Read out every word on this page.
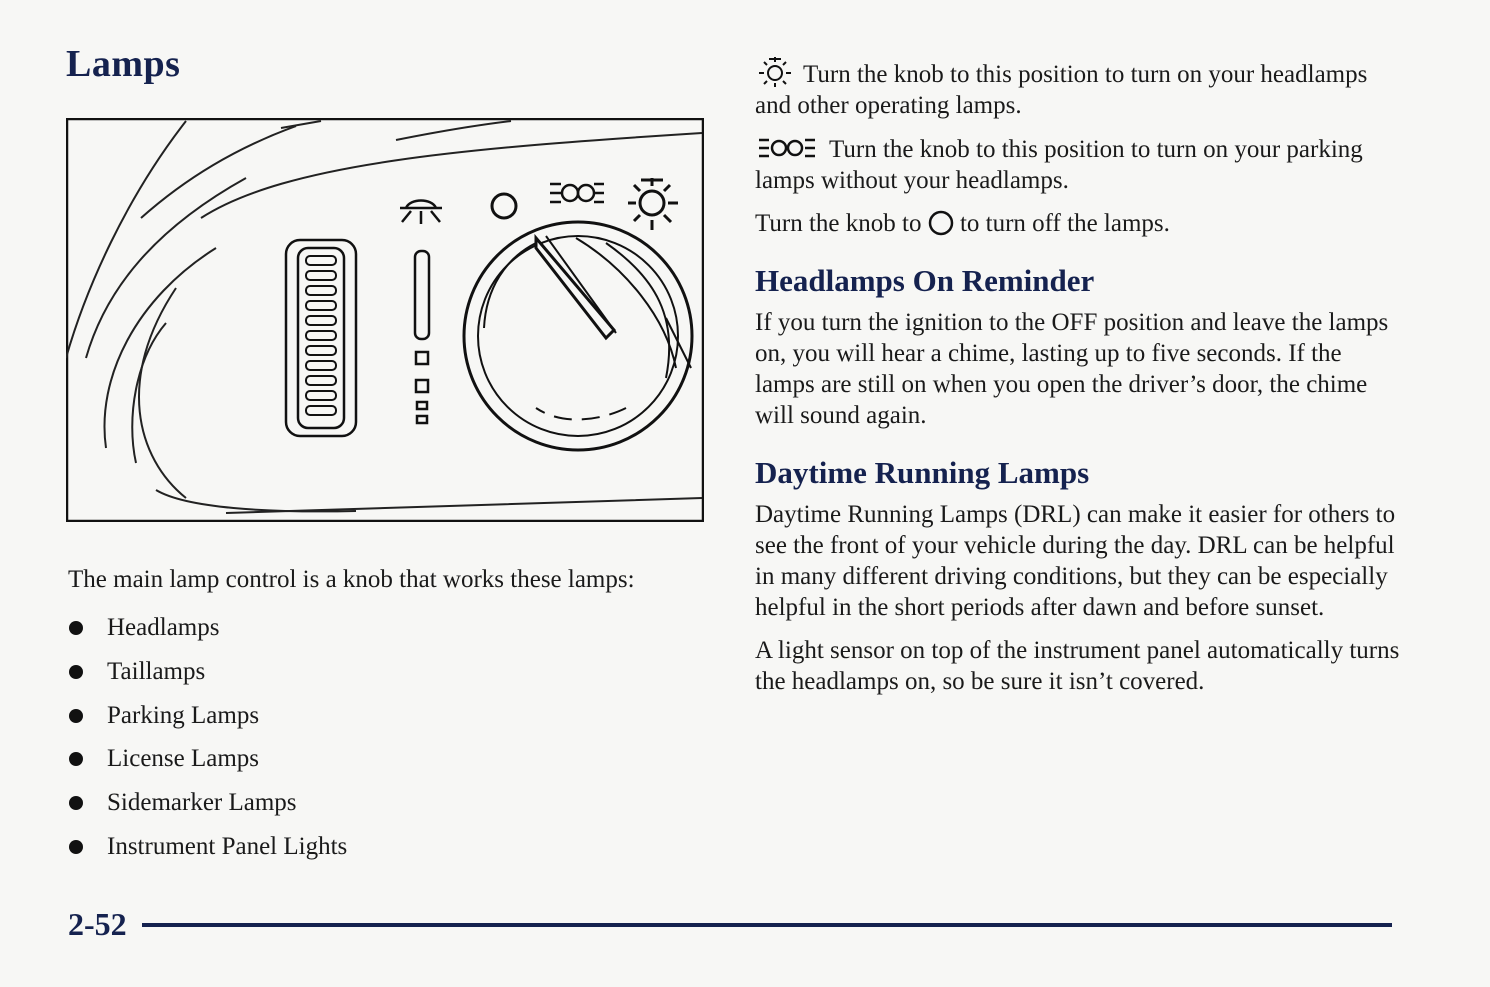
Lamps

The main lamp control is a knob that works these lamps:

Headlamps
Taillamps
Parking Lamps
License Lamps
Sidemarker Lamps
Instrument Panel Lights

Turn the knob to this position to turn on your headlamps and other operating lamps.

Turn the knob to this position to turn on your parking lamps without your headlamps.

Turn the knob to to turn off the lamps.

Headlamps On Reminder

If you turn the ignition to the OFF position and leave the lamps on, you will hear a chime, lasting up to five seconds. If the lamps are still on when you open the driver’s door, the chime will sound again.

Daytime Running Lamps

Daytime Running Lamps (DRL) can make it easier for others to see the front of your vehicle during the day. DRL can be helpful in many different driving conditions, but they can be especially helpful in the short periods after dawn and before sunset.

A light sensor on top of the instrument panel automatically turns the headlamps on, so be sure it isn’t covered.

2-52
